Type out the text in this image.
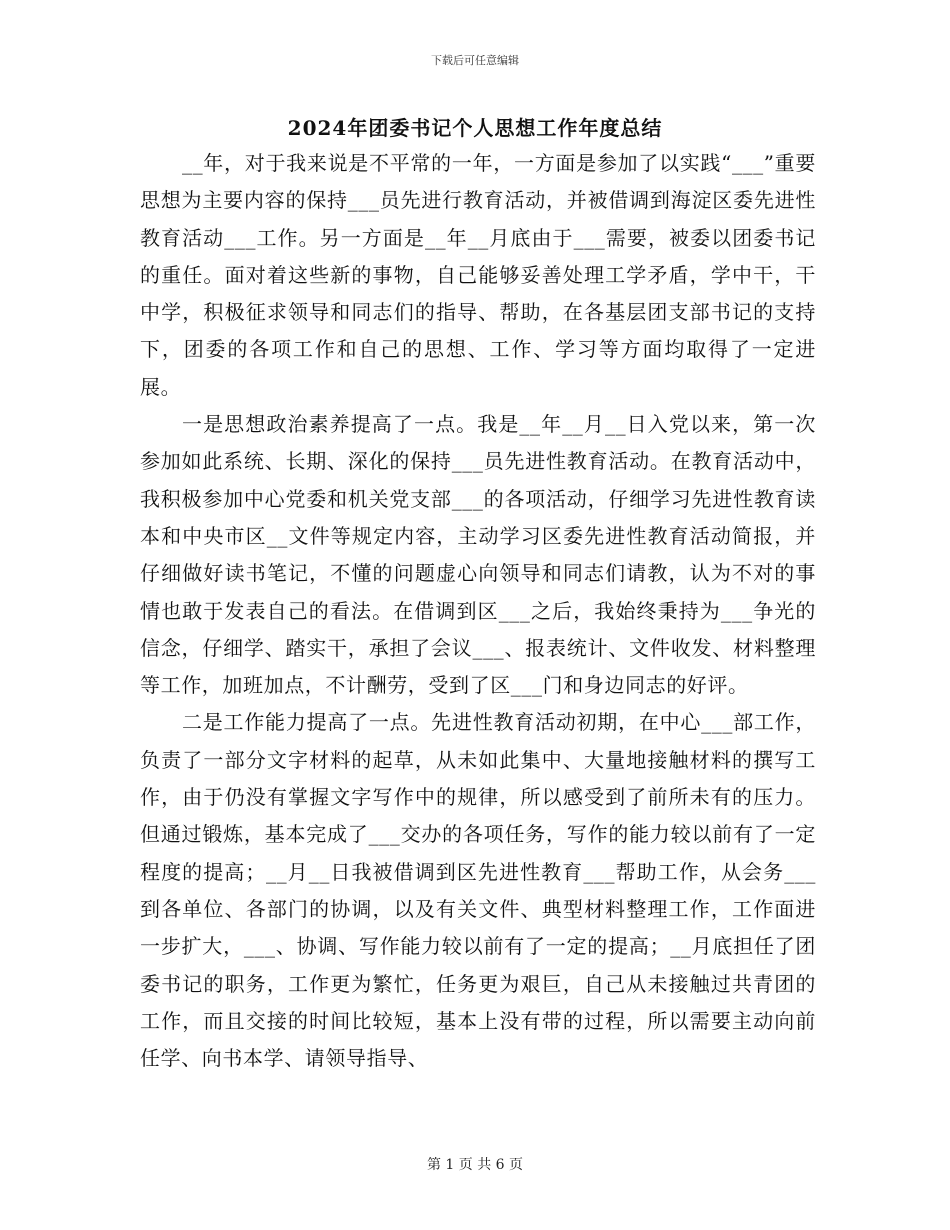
下载后可任意编辑
2024年团委书记个人思想工作年度总结

__年，对于我来说是不平常的一年，一方面是参加了以实践“___”重要思想为主要内容的保持___员先进行教育活动，并被借调到海淀区委先进性教育活动___工作。另一方面是__年__月底由于___需要，被委以团委书记的重任。面对着这些新的事物，自己能够妥善处理工学矛盾，学中干，干中学，积极征求领导和同志们的指导、帮助，在各基层团支部书记的支持下，团委的各项工作和自己的思想、工作、学习等方面均取得了一定进展。

一是思想政治素养提高了一点。我是__年__月__日入党以来，第一次参加如此系统、长期、深化的保持___员先进性教育活动。在教育活动中，我积极参加中心党委和机关党支部___的各项活动，仔细学习先进性教育读本和中央市区__文件等规定内容，主动学习区委先进性教育活动简报，并仔细做好读书笔记，不懂的问题虚心向领导和同志们请教，认为不对的事情也敢于发表自己的看法。在借调到区___之后，我始终秉持为___争光的信念，仔细学、踏实干，承担了会议___、报表统计、文件收发、材料整理等工作，加班加点，不计酬劳，受到了区___门和身边同志的好评。

二是工作能力提高了一点。先进性教育活动初期，在中心___部工作，负责了一部分文字材料的起草，从未如此集中、大量地接触材料的撰写工作，由于仍没有掌握文字写作中的规律，所以感受到了前所未有的压力。但通过锻炼，基本完成了___交办的各项任务，写作的能力较以前有了一定程度的提高；__月__日我被借调到区先进性教育___帮助工作，从会务___到各单位、各部门的协调，以及有关文件、典型材料整理工作，工作面进一步扩大，___、协调、写作能力较以前有了一定的提高；__月底担任了团委书记的职务，工作更为繁忙，任务更为艰巨，自己从未接触过共青团的工作，而且交接的时间比较短，基本上没有带的过程，所以需要主动向前任学、向书本学、请领导指导、

第 1 页 共 6 页
